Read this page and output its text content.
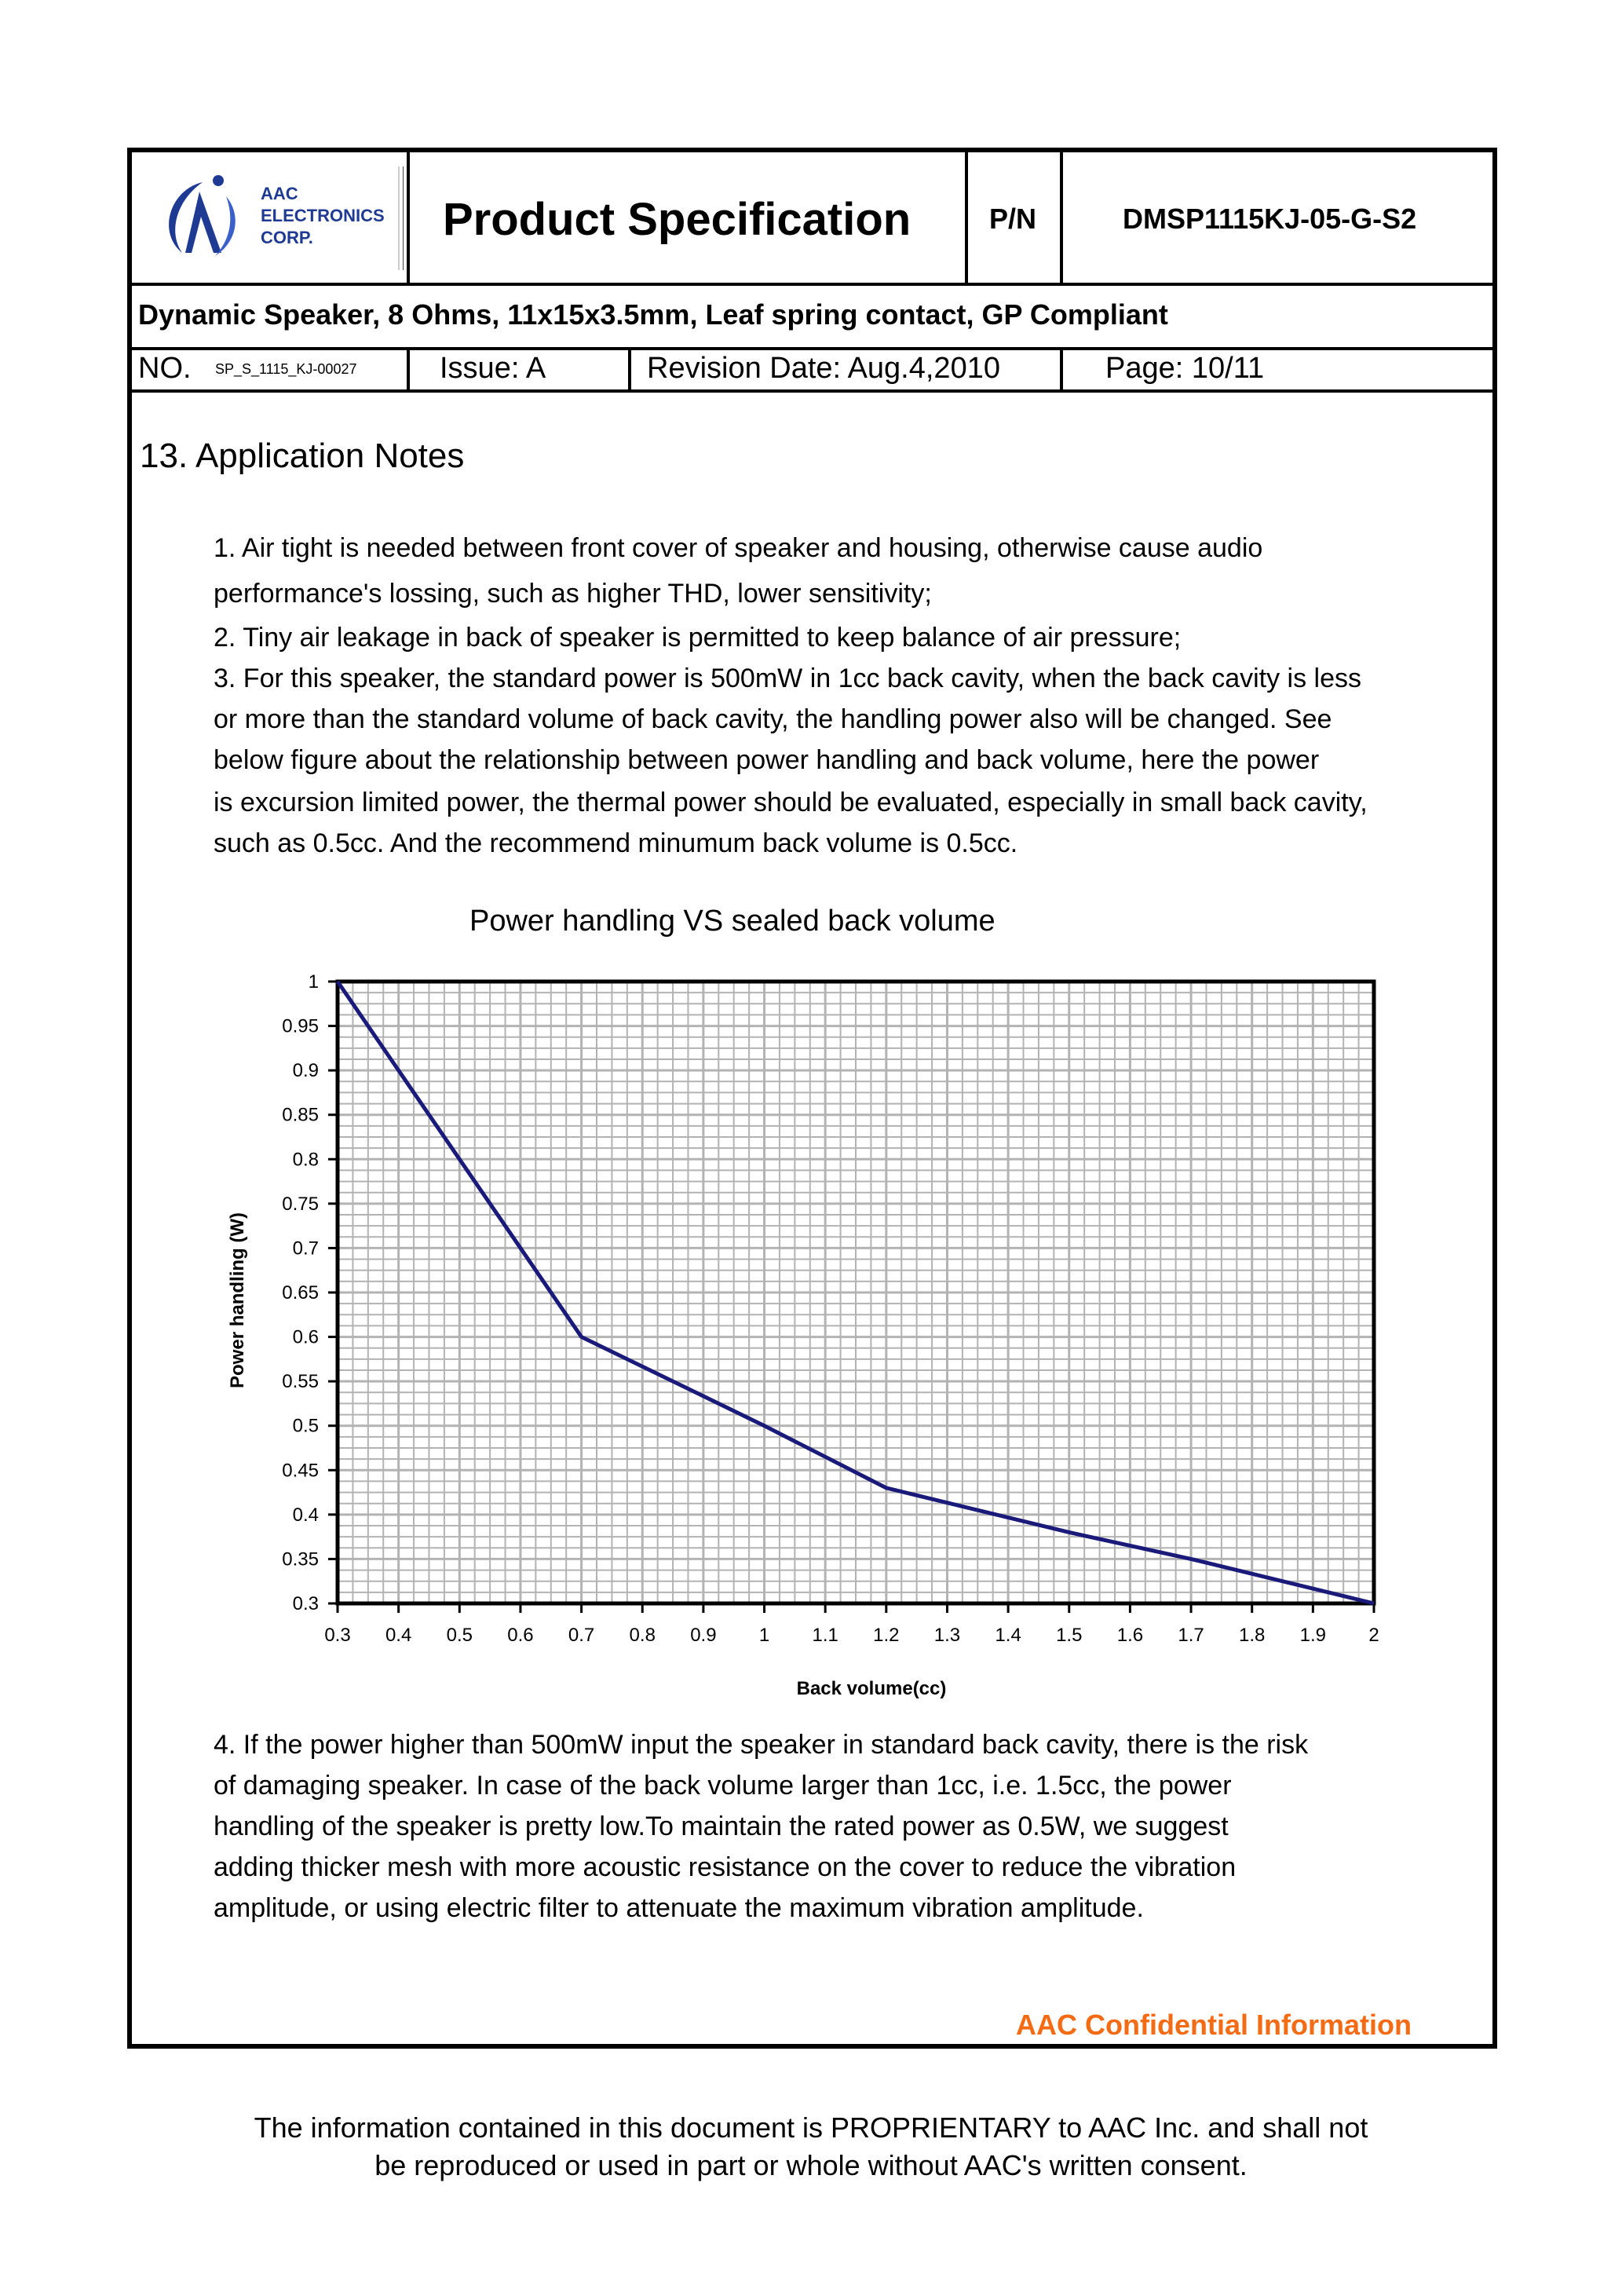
AAC
ELECTRONICS
CORP.	Product Specification	P/N	DMSP1115KJ-05-G-S2
Dynamic Speaker, 8 Ohms, 11x15x3.5mm, Leaf spring contact, GP Compliant
NO. SP_S_1115_KJ-00027	Issue: A	Revision Date: Aug.4,2010	Page: 10/11
13. Application Notes
AAC Confidential Information

1. Air tight is needed between front cover of speaker and housing, otherwise cause audio

performance's lossing, such as higher THD, lower sensitivity;

2. Tiny air leakage in back of speaker is permitted to keep balance of air pressure;

3. For this speaker, the standard power is 500mW in 1cc back cavity, when the back cavity is less

or more than the standard volume of back cavity, the handling power also will be changed. See

below figure about the relationship between power handling and back volume, here the power

is excursion limited power, the thermal power should be evaluated, especially in small back cavity,

such as 0.5cc. And the recommend minumum back volume is 0.5cc.

Power handling VS sealed back volume
0.3 0.4 0.5 0.6 0.7 0.8 0.9 1 1.1 1.2 1.3 1.4 1.5 1.6 1.7 1.8 1.9 2
0.3
0.35
0.4
0.45
0.5
0.55
0.6
0.65
0.7
0.75
0.8
0.85
0.9
0.95
1
Back volume(cc)
Power handling (W)

4. If the power higher than 500mW input the speaker in standard back cavity, there is the risk

of damaging speaker. In case of the back volume larger than 1cc, i.e. 1.5cc, the power

handling of the speaker is pretty low.To maintain the rated power as 0.5W, we suggest

adding thicker mesh with more acoustic resistance on the cover to reduce the vibration

amplitude, or using electric filter to attenuate the maximum vibration amplitude.

The information contained in this document is PROPRIENTARY to AAC Inc. and shall not
be reproduced or used in part or whole without AAC's written consent.
